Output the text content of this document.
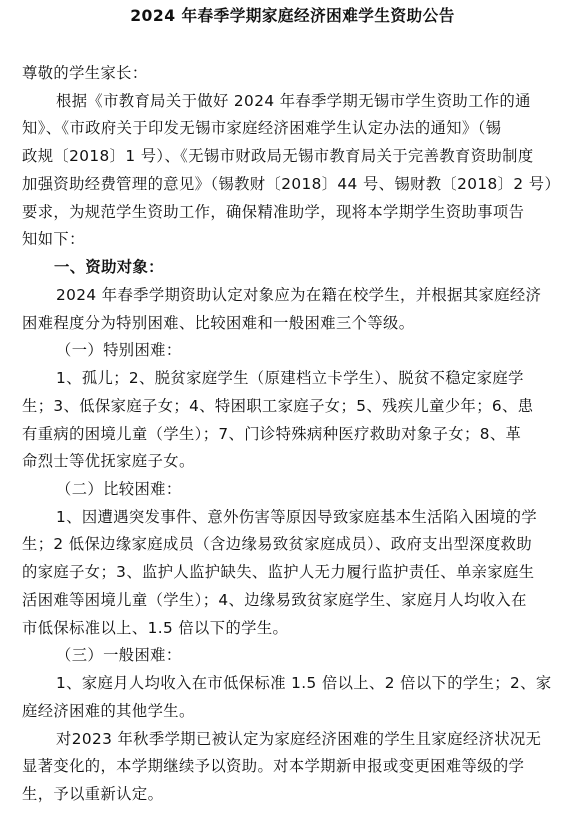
2024 年春季学期家庭经济困难学生资助公告
尊敬的学生家长：
根据《市教育局关于做好 2024 年春季学期无锡市学生资助工作的通
知》、《市政府关于印发无锡市家庭经济困难学生认定办法的通知》（锡
政规〔2018〕1 号）、《无锡市财政局无锡市教育局关于完善教育资助制度
加强资助经费管理的意见》（锡教财〔2018〕44 号、锡财教〔2018〕2 号）
要求，为规范学生资助工作，确保精准助学，现将本学期学生资助事项告
知如下：
一、资助对象：
2024 年春季学期资助认定对象应为在籍在校学生，并根据其家庭经济
困难程度分为特别困难、比较困难和一般困难三个等级。
（一）特别困难：
1、孤儿；2、脱贫家庭学生（原建档立卡学生）、脱贫不稳定家庭学
生；3、低保家庭子女；4、特困职工家庭子女；5、残疾儿童少年；6、患
有重病的困境儿童（学生）；7、门诊特殊病种医疗救助对象子女；8、革
命烈士等优抚家庭子女。
（二）比较困难：
1、因遭遇突发事件、意外伤害等原因导致家庭基本生活陷入困境的学
生；2 低保边缘家庭成员（含边缘易致贫家庭成员）、政府支出型深度救助
的家庭子女；3、监护人监护缺失、监护人无力履行监护责任、单亲家庭生
活困难等困境儿童（学生）；4、边缘易致贫家庭学生、家庭月人均收入在
市低保标准以上、1.5 倍以下的学生。
（三）一般困难：
1、家庭月人均收入在市低保标准 1.5 倍以上、2 倍以下的学生；2、家
庭经济困难的其他学生。
对2023 年秋季学期已被认定为家庭经济困难的学生且家庭经济状况无
显著变化的，本学期继续予以资助。对本学期新申报或变更困难等级的学
生，予以重新认定。
